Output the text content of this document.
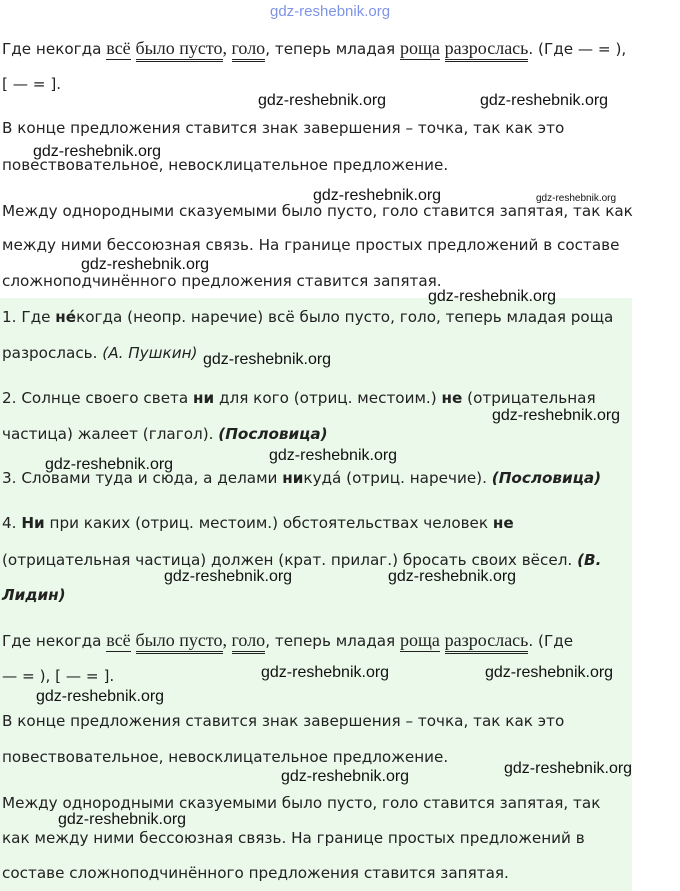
gdz-reshebnik.org
Где некогда всё было пусто, голо, теперь младая роща разрослась. (Где — = ),
[ — = ].
В конце предложения ставится знак завершения – точка, так как это
повествовательное, невосклицательное предложение.
Между однородными сказуемыми было пусто, голо ставится запятая, так как
между ними бессоюзная связь. На границе простых предложений в составе
сложноподчинённого предложения ставится запятая.
1. Где не́когда (неопр. наречие) всё было пусто, голо, теперь младая роща
разрослась. (А. Пушкин)
2. Солнце своего света ни для кого (отриц. местоим.) не (отрицательная
частица) жалеет (глагол). (Пословица)
3. Словами туда и сюда, а делами никуда́ (отриц. наречие). (Пословица)
4. Ни при каких (отриц. местоим.) обстоятельствах человек не
(отрицательная частица) должен (крат. прилаг.) бросать своих вёсел. (В.
Лидин)
Где некогда всё было пусто, голо, теперь младая роща разрослась. (Где
— = ), [ — = ].
В конце предложения ставится знак завершения – точка, так как это
повествовательное, невосклицательное предложение.
Между однородными сказуемыми было пусто, голо ставится запятая, так
как между ними бессоюзная связь. На границе простых предложений в
составе сложноподчинённого предложения ставится запятая.
gdz-reshebnik.org	gdz-reshebnik.org
gdz-reshebnik.org
gdz-reshebnik.org	gdz-reshebnik.org
gdz-reshebnik.org
gdz-reshebnik.org
gdz-reshebnik.org
gdz-reshebnik.org
gdz-reshebnik.org
gdz-reshebnik.org
gdz-reshebnik.org	gdz-reshebnik.org
gdz-reshebnik.org	gdz-reshebnik.org
gdz-reshebnik.org
gdz-reshebnik.org
gdz-reshebnik.org
gdz-reshebnik.org
